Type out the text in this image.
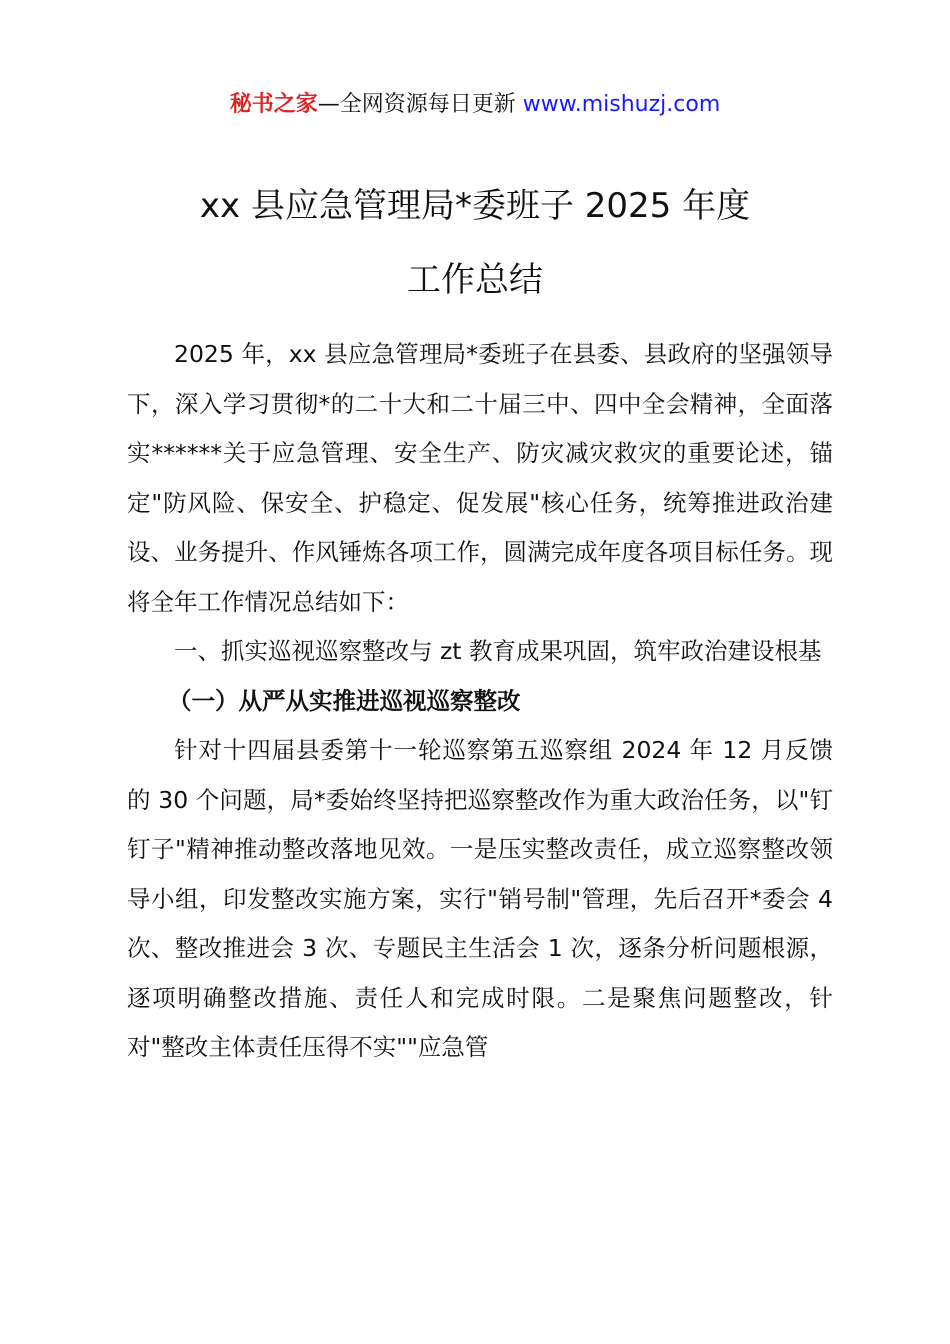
秘书之家—全网资源每日更新 www.mishuzj.com
xx 县应急管理局*委班子 2025 年度
工作总结

2025 年，xx 县应急管理局*委班子在县委、县政府的坚强领导下，深入学习贯彻*的二十大和二十届三中、四中全会精神，全面落实******关于应急管理、安全生产、防灾减灾救灾的重要论述，锚定"防风险、保安全、护稳定、促发展"核心任务，统筹推进政治建设、业务提升、作风锤炼各项工作，圆满完成年度各项目标任务。现将全年工作情况总结如下：

一、抓实巡视巡察整改与 zt 教育成果巩固，筑牢政治建设根基

（一）从严从实推进巡视巡察整改

针对十四届县委第十一轮巡察第五巡察组 2024 年 12 月反馈的 30 个问题，局*委始终坚持把巡察整改作为重大政治任务，以"钉钉子"精神推动整改落地见效。一是压实整改责任，成立巡察整改领导小组，印发整改实施方案，实行"销号制"管理，先后召开*委会 4 次、整改推进会 3 次、专题民主生活会 1 次，逐条分析问题根源，逐项明确整改措施、责任人和完成时限。二是聚焦问题整改，针对"整改主体责任压得不实""应急管
